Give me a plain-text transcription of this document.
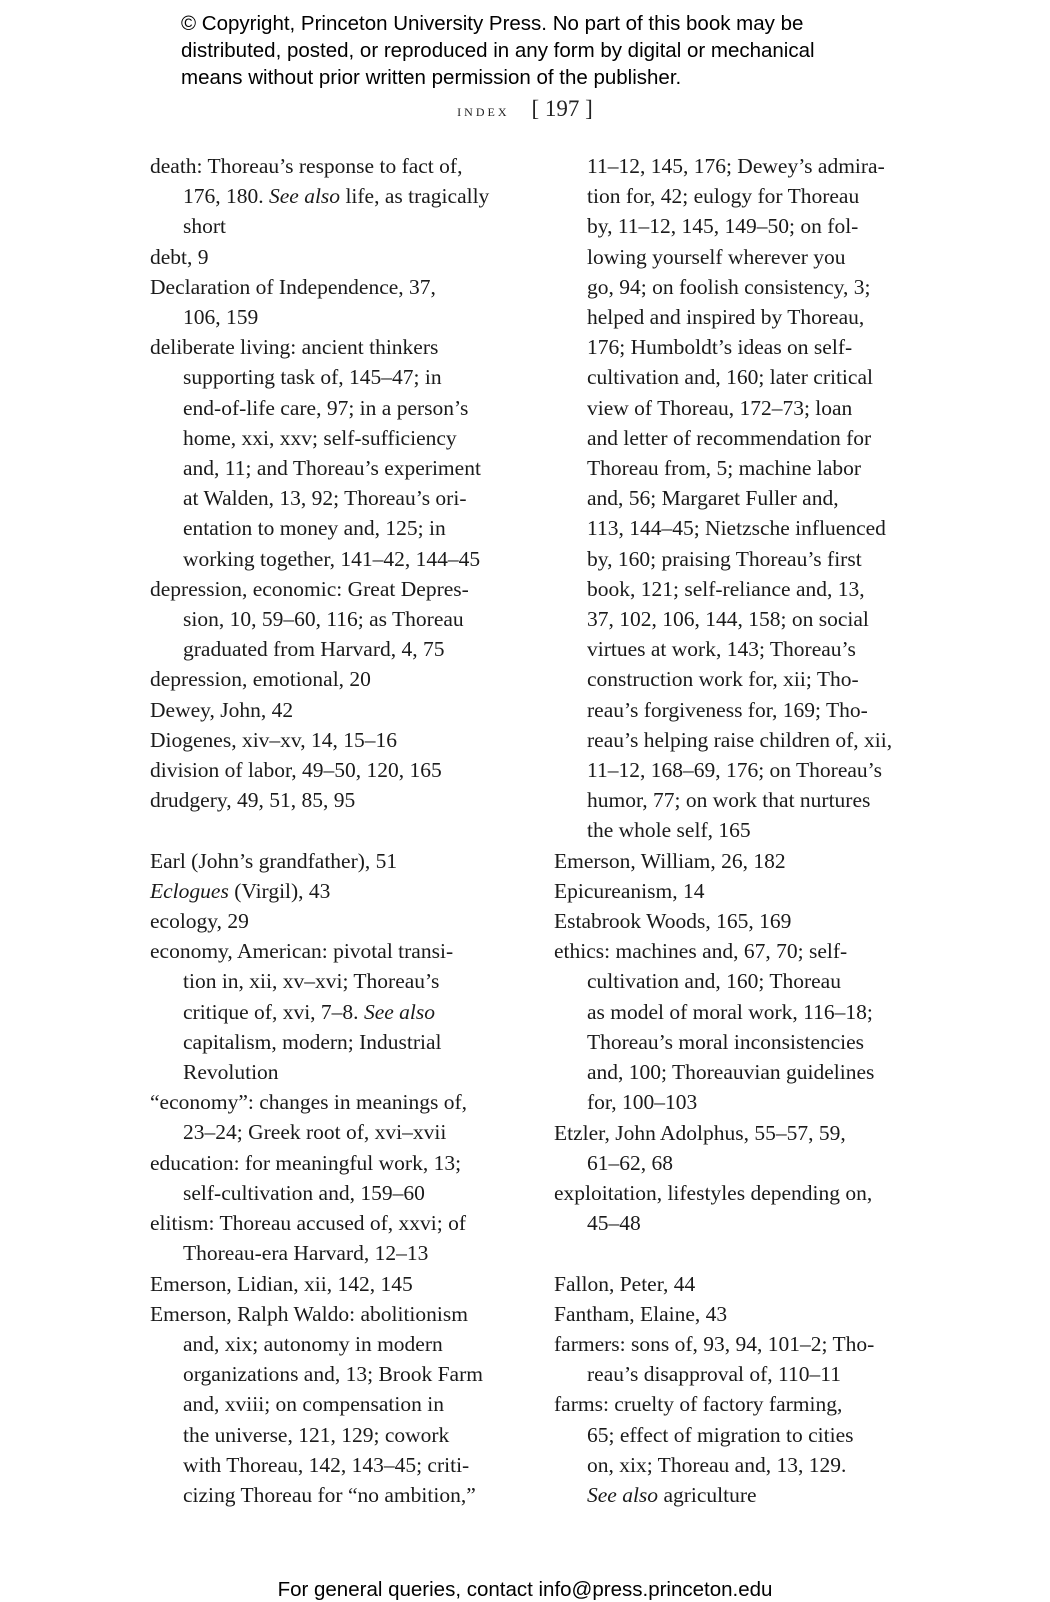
© Copyright, Princeton University Press. No part of this book may be
distributed, posted, or reproduced in any form by digital or mechanical
means without prior written permission of the publisher.
index [ 197 ]
death: Thoreau’s response to fact of,
176, 180. See also life, as tragically
short
debt, 9
Declaration of Independence, 37,
106, 159
deliberate living: ancient thinkers
supporting task of, 145–47; in
end-of-life care, 97; in a person’s
home, xxi, xxv; self-sufficiency
and, 11; and Thoreau’s experiment
at Walden, 13, 92; Thoreau’s ori-
entation to money and, 125; in
working together, 141–42, 144–45
depression, economic: Great Depres-
sion, 10, 59–60, 116; as Thoreau
graduated from Harvard, 4, 75
depression, emotional, 20
Dewey, John, 42
Diogenes, xiv–xv, 14, 15–16
division of labor, 49–50, 120, 165
drudgery, 49, 51, 85, 95
Earl (John’s grandfather), 51
Eclogues (Virgil), 43
ecology, 29
economy, American: pivotal transi-
tion in, xii, xv–xvi; Thoreau’s
critique of, xvi, 7–8. See also
capitalism, modern; Industrial
Revolution
“economy”: changes in meanings of,
23–24; Greek root of, xvi–xvii
education: for meaningful work, 13;
self-cultivation and, 159–60
elitism: Thoreau accused of, xxvi; of
Thoreau-era Harvard, 12–13
Emerson, Lidian, xii, 142, 145
Emerson, Ralph Waldo: abolitionism
and, xix; autonomy in modern
organizations and, 13; Brook Farm
and, xviii; on compensation in
the universe, 121, 129; cowork
with Thoreau, 142, 143–45; criti-
cizing Thoreau for “no ambition,”
11–12, 145, 176; Dewey’s admira-
tion for, 42; eulogy for Thoreau
by, 11–12, 145, 149–50; on fol-
lowing yourself wherever you
go, 94; on foolish consistency, 3;
helped and inspired by Thoreau,
176; Humboldt’s ideas on self-
cultivation and, 160; later critical
view of Thoreau, 172–73; loan
and letter of recommendation for
Thoreau from, 5; machine labor
and, 56; Margaret Fuller and,
113, 144–45; Nietzsche influenced
by, 160; praising Thoreau’s first
book, 121; self-reliance and, 13,
37, 102, 106, 144, 158; on social
virtues at work, 143; Thoreau’s
construction work for, xii; Tho-
reau’s forgiveness for, 169; Tho-
reau’s helping raise children of, xii,
11–12, 168–69, 176; on Thoreau’s
humor, 77; on work that nurtures
the whole self, 165
Emerson, William, 26, 182
Epicureanism, 14
Estabrook Woods, 165, 169
ethics: machines and, 67, 70; self-
cultivation and, 160; Thoreau
as model of moral work, 116–18;
Thoreau’s moral inconsistencies
and, 100; Thoreauvian guidelines
for, 100–103
Etzler, John Adolphus, 55–57, 59,
61–62, 68
exploitation, lifestyles depending on,
45–48
Fallon, Peter, 44
Fantham, Elaine, 43
farmers: sons of, 93, 94, 101–2; Tho-
reau’s disapproval of, 110–11
farms: cruelty of factory farming,
65; effect of migration to cities
on, xix; Thoreau and, 13, 129.
See also agriculture
For general queries, contact info@press.princeton.edu
